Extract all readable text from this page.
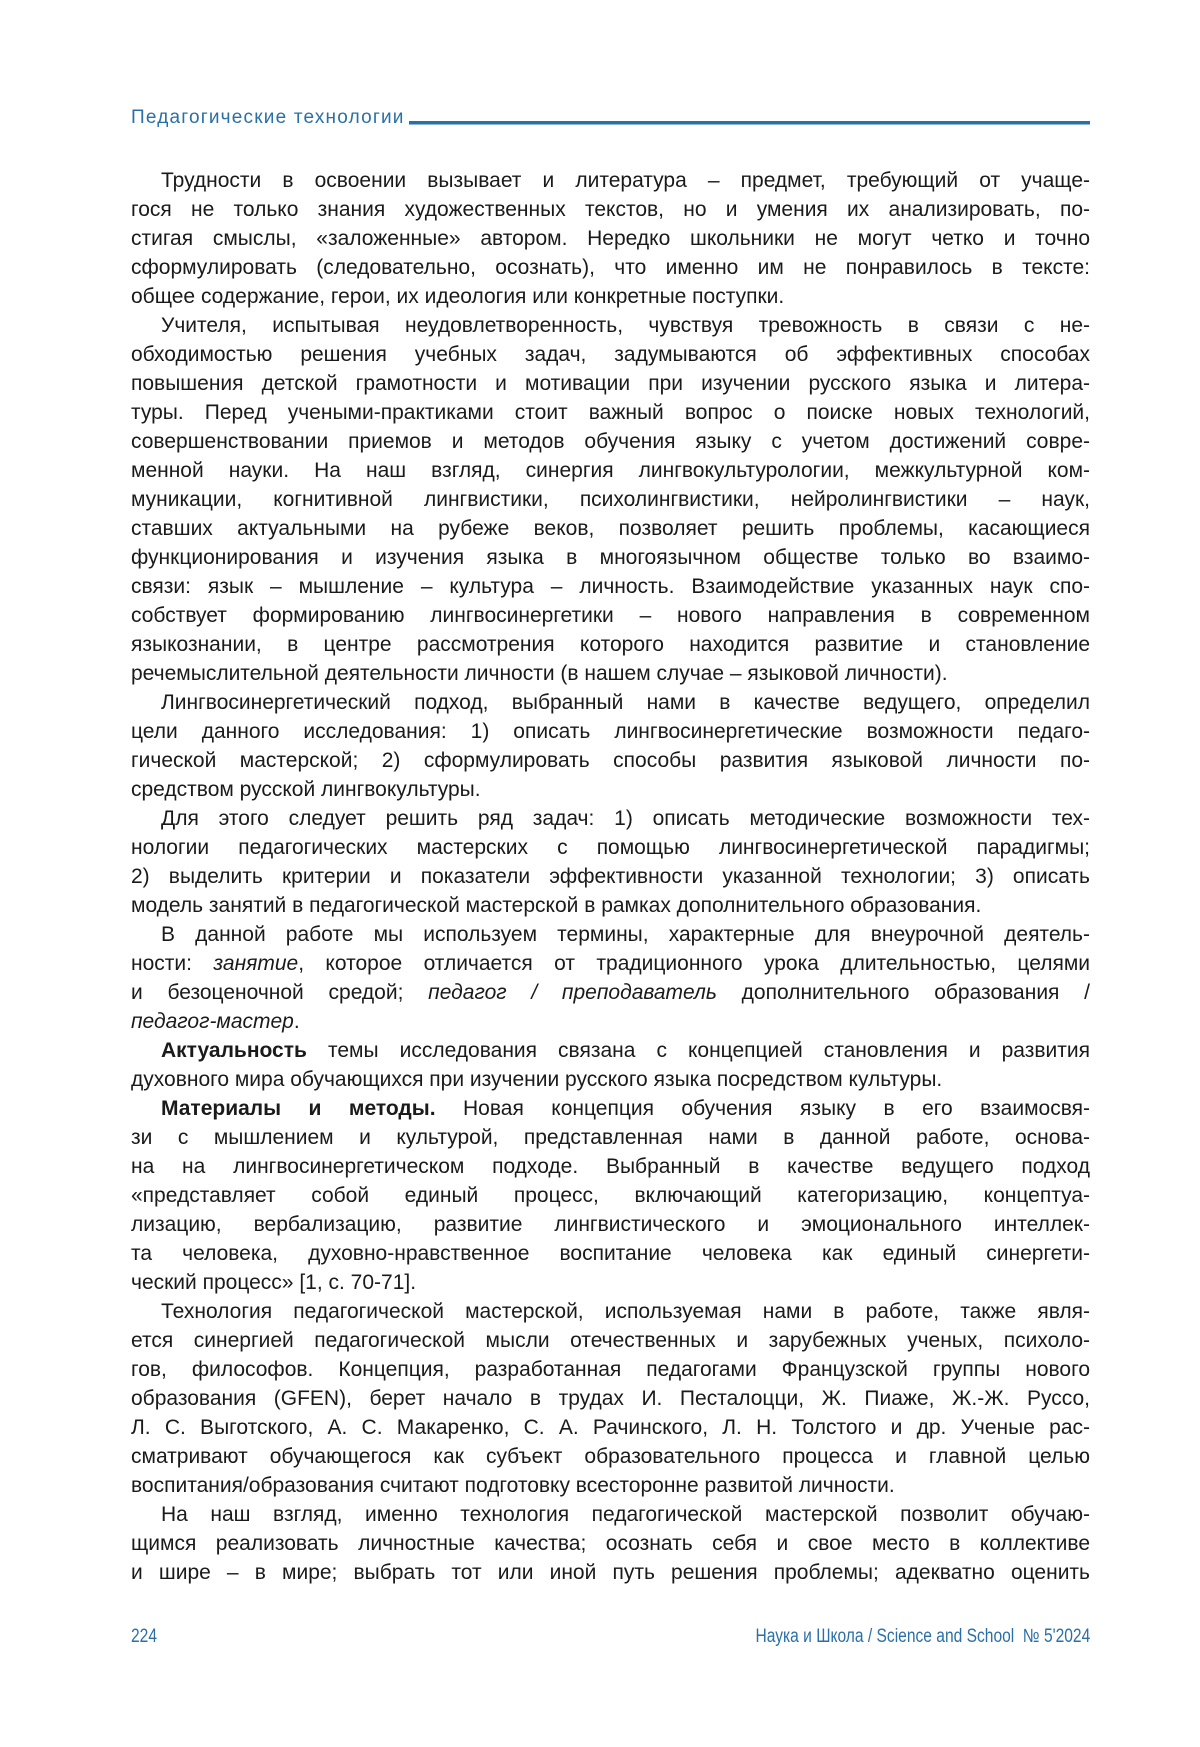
Педагогические технологии
Трудности в освоении вызывает и литература – предмет, требующий от учаще-
гося не только знания художественных текстов, но и умения их анализировать, по-
стигая смыслы, «заложенные» автором. Нередко школьники не могут четко и точно
сформулировать (следовательно, осознать), что именно им не понравилось в тексте:
общее содержание, герои, их идеология или конкретные поступки.
Учителя, испытывая неудовлетворенность, чувствуя тревожность в связи с не-
обходимостью решения учебных задач, задумываются об эффективных способах
повышения детской грамотности и мотивации при изучении русского языка и литера-
туры. Перед учеными-практиками стоит важный вопрос о поиске новых технологий,
совершенствовании приемов и методов обучения языку с учетом достижений совре-
менной науки. На наш взгляд, синергия лингвокультурологии, межкультурной ком-
муникации, когнитивной лингвистики, психолингвистики, нейролингвистики – наук,
ставших актуальными на рубеже веков, позволяет решить проблемы, касающиеся
функционирования и изучения языка в многоязычном обществе только во взаимо-
связи: язык – мышление – культура – личность. Взаимодействие указанных наук спо-
собствует формированию лингвосинергетики – нового направления в современном
языкознании, в центре рассмотрения которого находится развитие и становление
речемыслительной деятельности личности (в нашем случае – языковой личности).
Лингвосинергетический подход, выбранный нами в качестве ведущего, определил
цели данного исследования: 1) описать лингвосинергетические возможности педаго-
гической мастерской; 2) сформулировать способы развития языковой личности по-
средством русской лингвокультуры.
Для этого следует решить ряд задач: 1) описать методические возможности тех-
нологии педагогических мастерских с помощью лингвосинергетической парадигмы;
2) выделить критерии и показатели эффективности указанной технологии; 3) описать
модель занятий в педагогической мастерской в рамках дополнительного образования.
В данной работе мы используем термины, характерные для внеурочной деятель-
ности: занятие, которое отличается от традиционного урока длительностью, целями
и безоценочной средой; педагог / преподаватель дополнительного образования /
педагог-мастер.
Актуальность темы исследования связана с концепцией становления и развития
духовного мира обучающихся при изучении русского языка посредством культуры.
Материалы и методы. Новая концепция обучения языку в его взаимосвя-
зи с мышлением и культурой, представленная нами в данной работе, основа-
на на лингвосинергетическом подходе. Выбранный в качестве ведущего подход
«представляет собой единый процесс, включающий категоризацию, концептуа-
лизацию, вербализацию, развитие лингвистического и эмоционального интеллек-
та человека, духовно-нравственное воспитание человека как единый синергети-
ческий процесс» [1, с. 70-71].
Технология педагогической мастерской, используемая нами в работе, также явля-
ется синергией педагогической мысли отечественных и зарубежных ученых, психоло-
гов, философов. Концепция, разработанная педагогами Французской группы нового
образования (GFEN), берет начало в трудах И. Песталоцци, Ж. Пиаже, Ж.-Ж. Руссо,
Л. С. Выготского, А. С. Макаренко, С. А. Рачинского, Л. Н. Толстого и др. Ученые рас-
сматривают обучающегося как субъект образовательного процесса и главной целью
воспитания/образования считают подготовку всесторонне развитой личности.
На наш взгляд, именно технология педагогической мастерской позволит обучаю-
щимся реализовать личностные качества; осознать себя и свое место в коллективе
и шире – в мире; выбрать тот или иной путь решения проблемы; адекватно оценить
224	Наука и Школа / Science and School  № 5'2024
